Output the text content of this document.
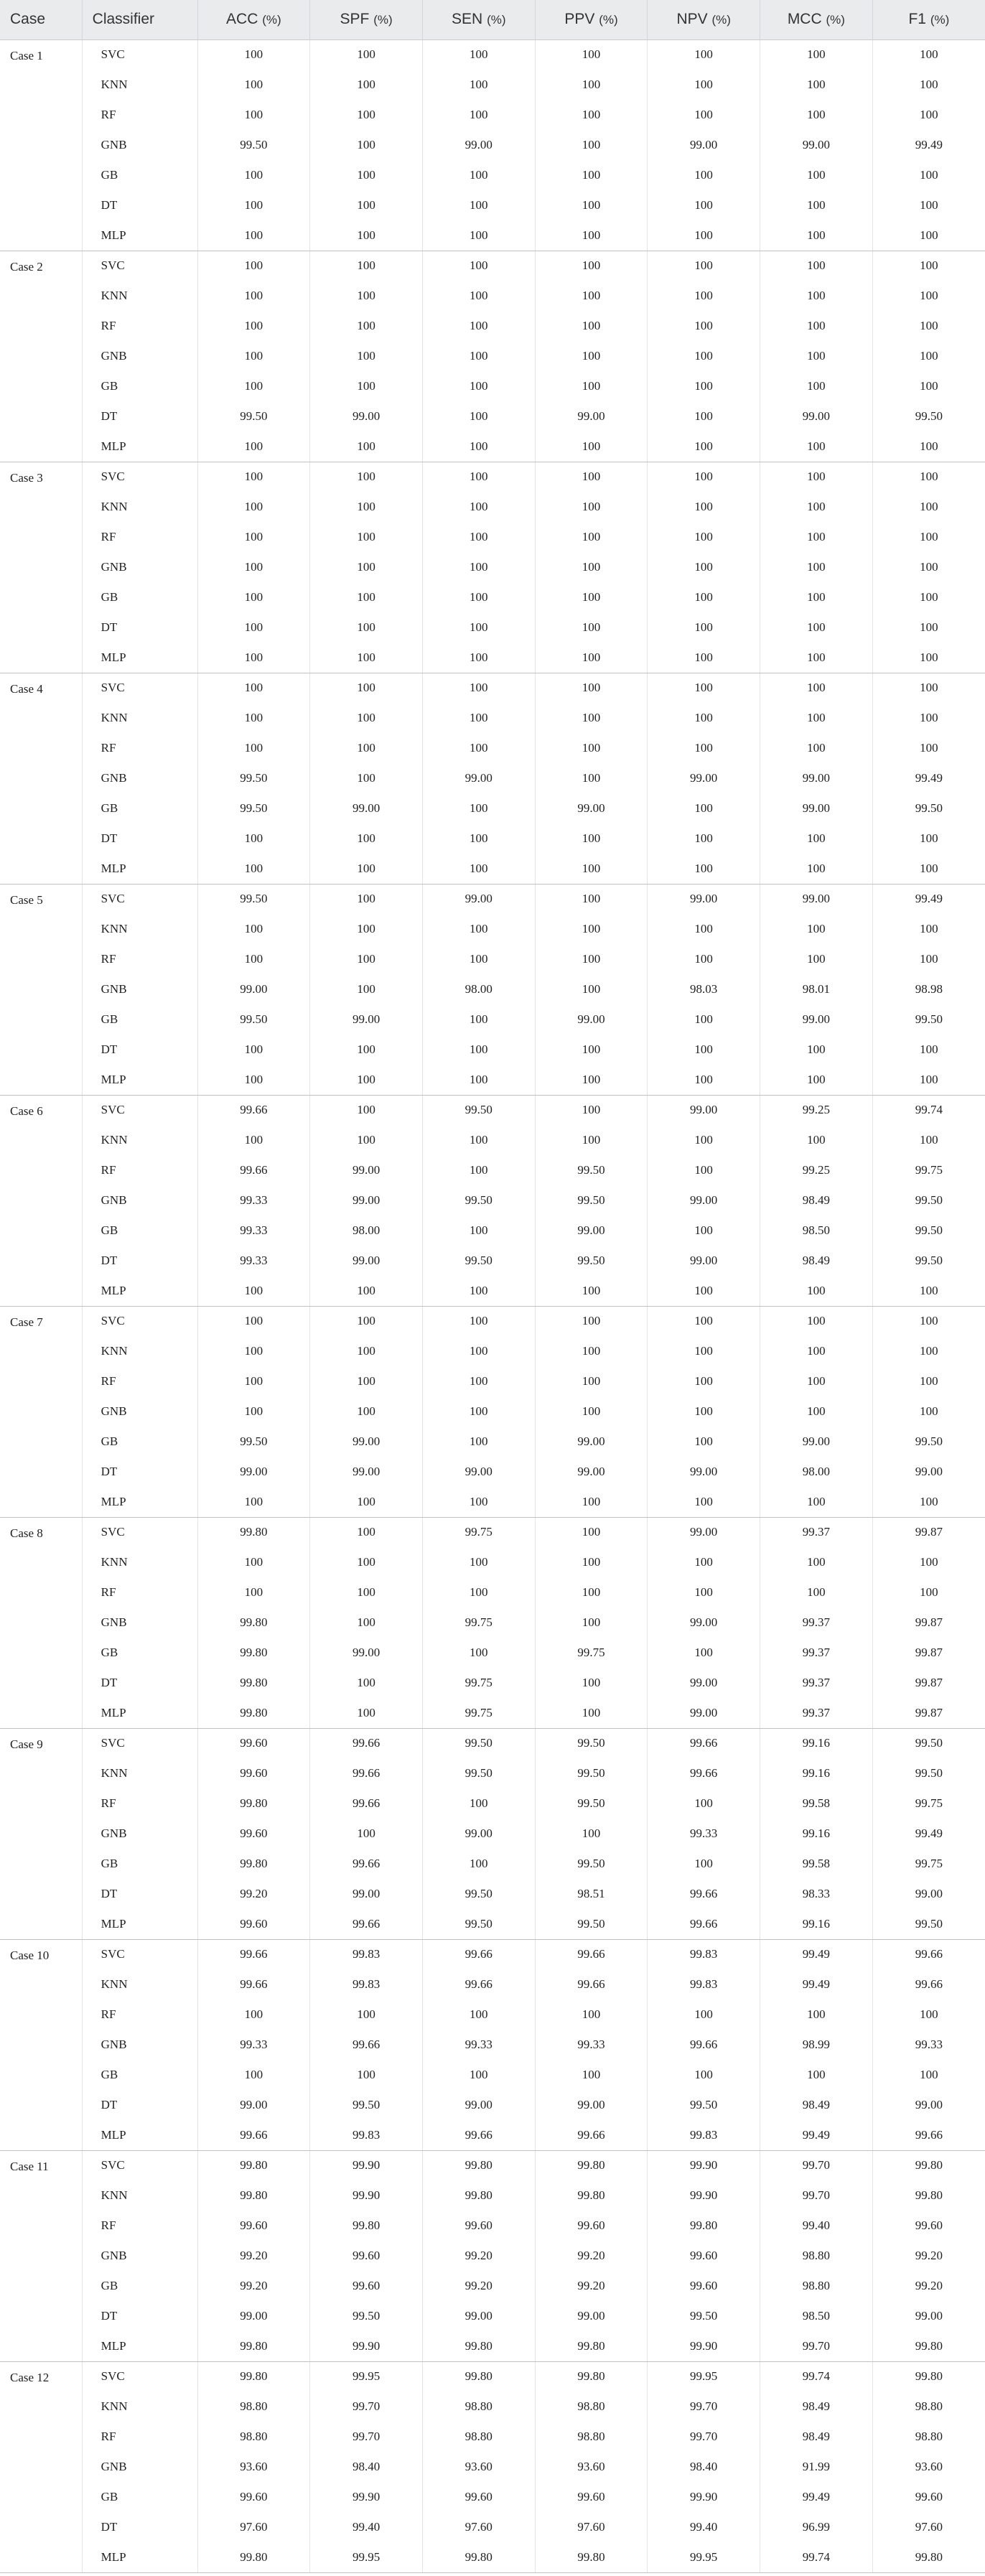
Case	Classifier	ACC (%)	SPF (%)	SEN (%)	PPV (%)	NPV (%)	MCC (%)	F1 (%)
Case 1	SVC	100	100	100	100	100	100	100
	KNN	100	100	100	100	100	100	100
	RF	100	100	100	100	100	100	100
	GNB	99.50	100	99.00	100	99.00	99.00	99.49
	GB	100	100	100	100	100	100	100
	DT	100	100	100	100	100	100	100
	MLP	100	100	100	100	100	100	100
Case 2	SVC	100	100	100	100	100	100	100
	KNN	100	100	100	100	100	100	100
	RF	100	100	100	100	100	100	100
	GNB	100	100	100	100	100	100	100
	GB	100	100	100	100	100	100	100
	DT	99.50	99.00	100	99.00	100	99.00	99.50
	MLP	100	100	100	100	100	100	100
Case 3	SVC	100	100	100	100	100	100	100
	KNN	100	100	100	100	100	100	100
	RF	100	100	100	100	100	100	100
	GNB	100	100	100	100	100	100	100
	GB	100	100	100	100	100	100	100
	DT	100	100	100	100	100	100	100
	MLP	100	100	100	100	100	100	100
Case 4	SVC	100	100	100	100	100	100	100
	KNN	100	100	100	100	100	100	100
	RF	100	100	100	100	100	100	100
	GNB	99.50	100	99.00	100	99.00	99.00	99.49
	GB	99.50	99.00	100	99.00	100	99.00	99.50
	DT	100	100	100	100	100	100	100
	MLP	100	100	100	100	100	100	100
Case 5	SVC	99.50	100	99.00	100	99.00	99.00	99.49
	KNN	100	100	100	100	100	100	100
	RF	100	100	100	100	100	100	100
	GNB	99.00	100	98.00	100	98.03	98.01	98.98
	GB	99.50	99.00	100	99.00	100	99.00	99.50
	DT	100	100	100	100	100	100	100
	MLP	100	100	100	100	100	100	100
Case 6	SVC	99.66	100	99.50	100	99.00	99.25	99.74
	KNN	100	100	100	100	100	100	100
	RF	99.66	99.00	100	99.50	100	99.25	99.75
	GNB	99.33	99.00	99.50	99.50	99.00	98.49	99.50
	GB	99.33	98.00	100	99.00	100	98.50	99.50
	DT	99.33	99.00	99.50	99.50	99.00	98.49	99.50
	MLP	100	100	100	100	100	100	100
Case 7	SVC	100	100	100	100	100	100	100
	KNN	100	100	100	100	100	100	100
	RF	100	100	100	100	100	100	100
	GNB	100	100	100	100	100	100	100
	GB	99.50	99.00	100	99.00	100	99.00	99.50
	DT	99.00	99.00	99.00	99.00	99.00	98.00	99.00
	MLP	100	100	100	100	100	100	100
Case 8	SVC	99.80	100	99.75	100	99.00	99.37	99.87
	KNN	100	100	100	100	100	100	100
	RF	100	100	100	100	100	100	100
	GNB	99.80	100	99.75	100	99.00	99.37	99.87
	GB	99.80	99.00	100	99.75	100	99.37	99.87
	DT	99.80	100	99.75	100	99.00	99.37	99.87
	MLP	99.80	100	99.75	100	99.00	99.37	99.87
Case 9	SVC	99.60	99.66	99.50	99.50	99.66	99.16	99.50
	KNN	99.60	99.66	99.50	99.50	99.66	99.16	99.50
	RF	99.80	99.66	100	99.50	100	99.58	99.75
	GNB	99.60	100	99.00	100	99.33	99.16	99.49
	GB	99.80	99.66	100	99.50	100	99.58	99.75
	DT	99.20	99.00	99.50	98.51	99.66	98.33	99.00
	MLP	99.60	99.66	99.50	99.50	99.66	99.16	99.50
Case 10	SVC	99.66	99.83	99.66	99.66	99.83	99.49	99.66
	KNN	99.66	99.83	99.66	99.66	99.83	99.49	99.66
	RF	100	100	100	100	100	100	100
	GNB	99.33	99.66	99.33	99.33	99.66	98.99	99.33
	GB	100	100	100	100	100	100	100
	DT	99.00	99.50	99.00	99.00	99.50	98.49	99.00
	MLP	99.66	99.83	99.66	99.66	99.83	99.49	99.66
Case 11	SVC	99.80	99.90	99.80	99.80	99.90	99.70	99.80
	KNN	99.80	99.90	99.80	99.80	99.90	99.70	99.80
	RF	99.60	99.80	99.60	99.60	99.80	99.40	99.60
	GNB	99.20	99.60	99.20	99.20	99.60	98.80	99.20
	GB	99.20	99.60	99.20	99.20	99.60	98.80	99.20
	DT	99.00	99.50	99.00	99.00	99.50	98.50	99.00
	MLP	99.80	99.90	99.80	99.80	99.90	99.70	99.80
Case 12	SVC	99.80	99.95	99.80	99.80	99.95	99.74	99.80
	KNN	98.80	99.70	98.80	98.80	99.70	98.49	98.80
	RF	98.80	99.70	98.80	98.80	99.70	98.49	98.80
	GNB	93.60	98.40	93.60	93.60	98.40	91.99	93.60
	GB	99.60	99.90	99.60	99.60	99.90	99.49	99.60
	DT	97.60	99.40	97.60	97.60	99.40	96.99	97.60
	MLP	99.80	99.95	99.80	99.80	99.95	99.74	99.80
